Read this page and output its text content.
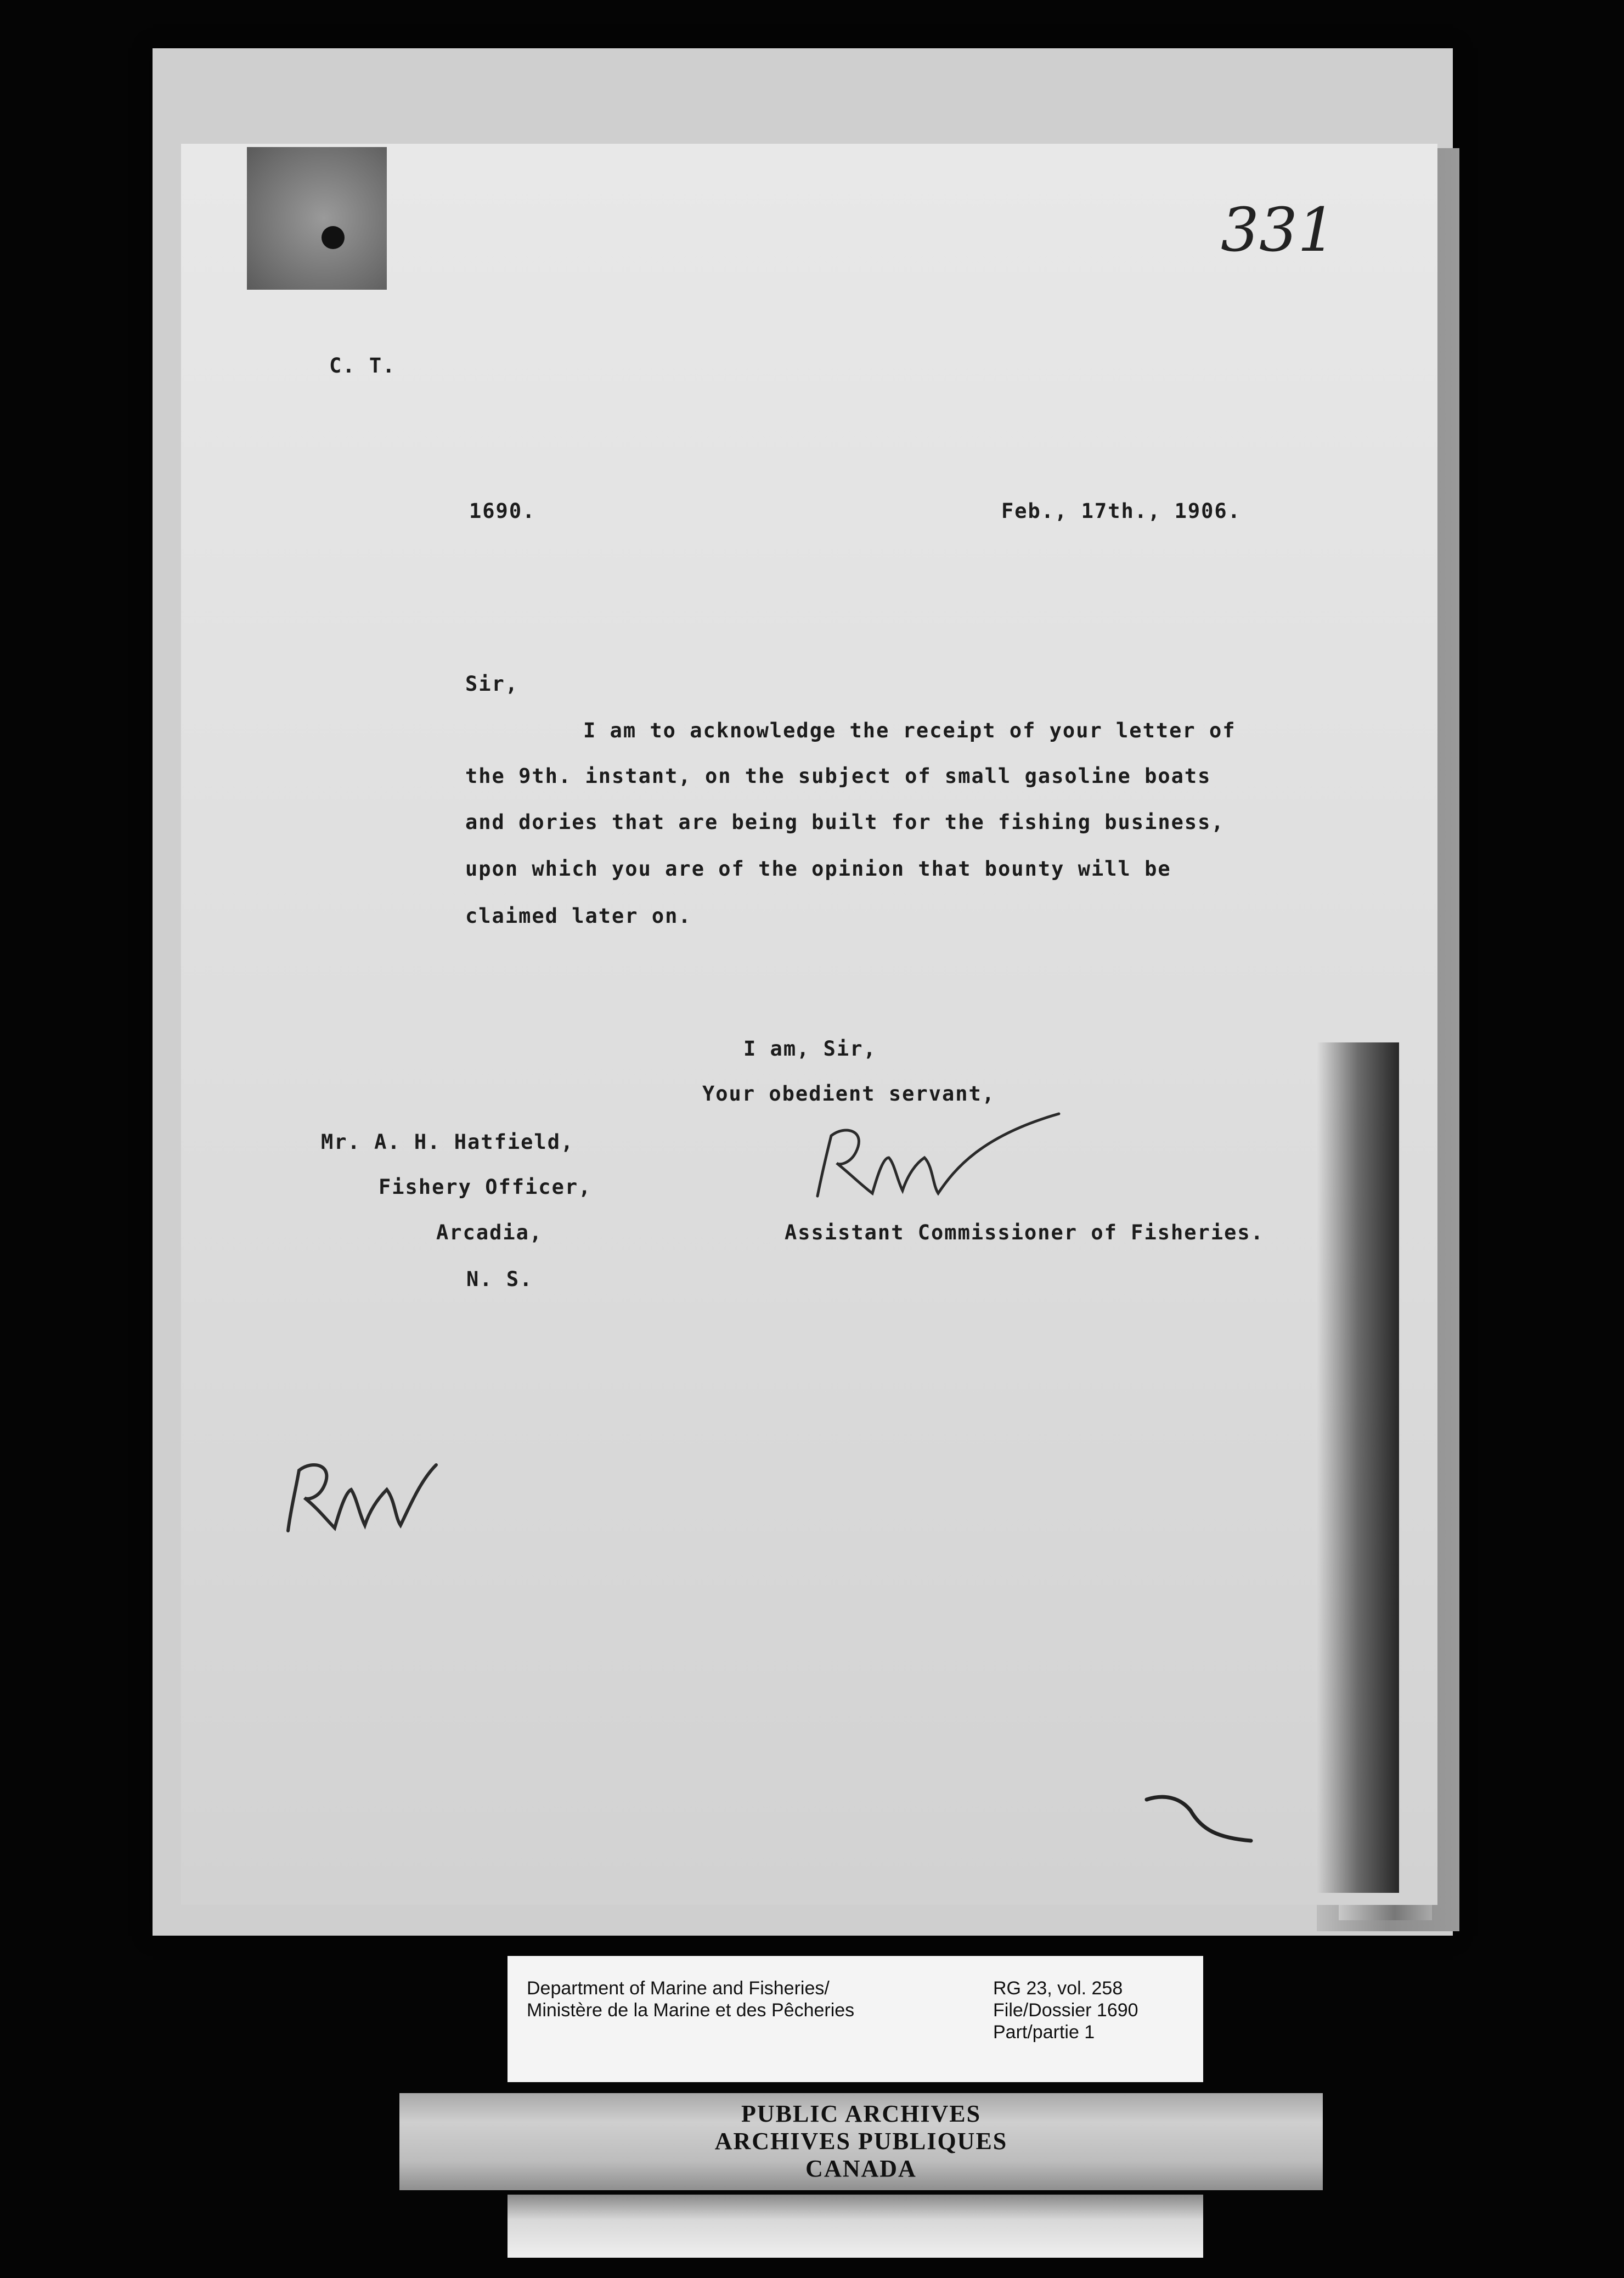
331
C. T.
1690.	Feb., 17th., 1906.
Sir,
I am to acknowledge the receipt of your letter of
the 9th. instant, on the subject of small gasoline boats
and dories that are being built for the fishing business,
upon which you are of the opinion that bounty will be
claimed later on.
I am, Sir,
Your obedient servant,
Mr. A. H. Hatfield,
Fishery Officer,
Arcadia,
N. S.
Assistant Commissioner of Fisheries.
Department of Marine and Fisheries/
Ministère de la Marine et des Pêcheries
RG 23, vol. 258
File/Dossier 1690
Part/partie 1
PUBLIC ARCHIVES
ARCHIVES PUBLIQUES
CANADA
